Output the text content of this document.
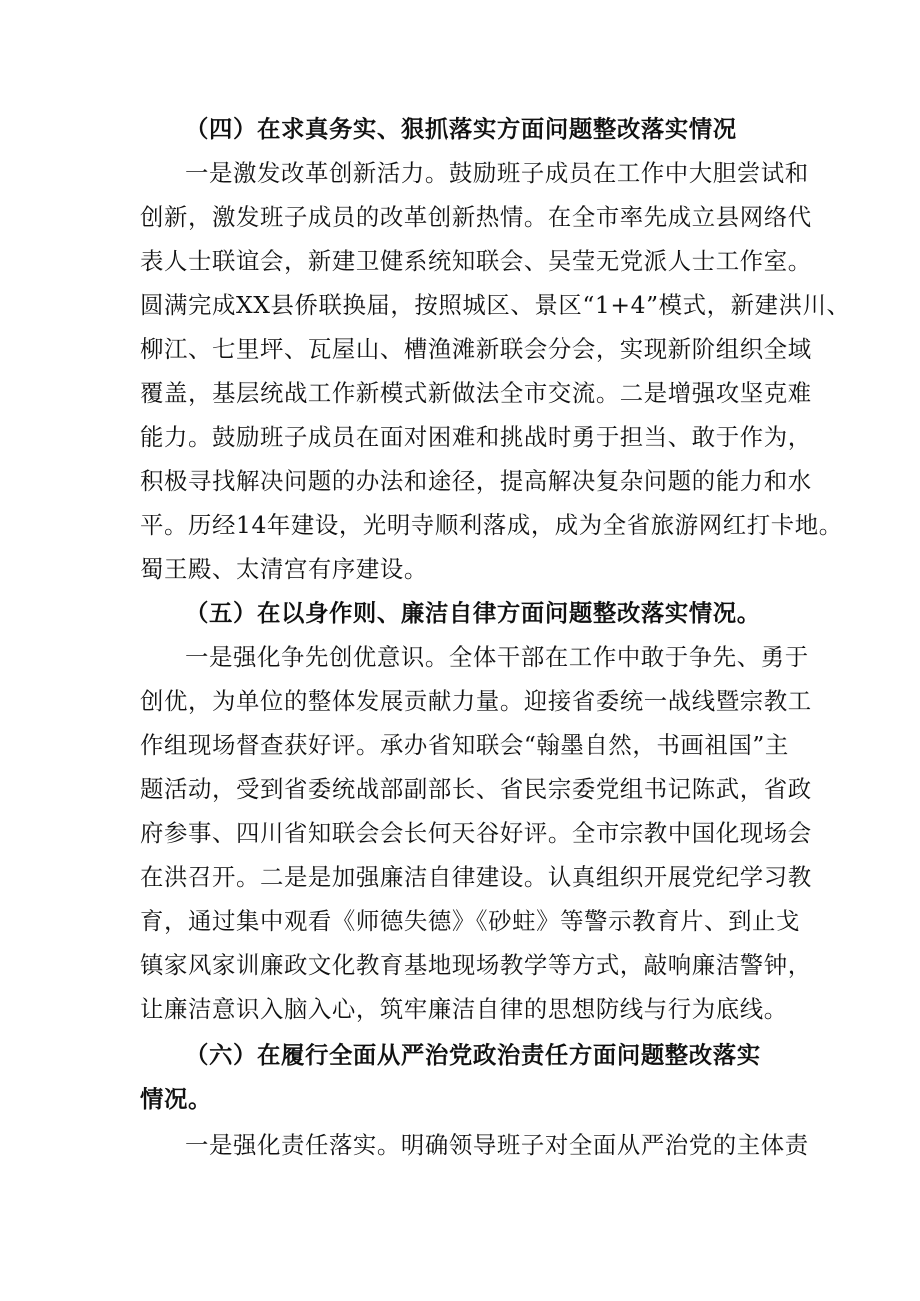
（四）在求真务实、狠抓落实方面问题整改落实情况
一是激发改革创新活力。鼓励班子成员在工作中大胆尝试和
创新，激发班子成员的改革创新热情。在全市率先成立县网络代
表人士联谊会，新建卫健系统知联会、吴莹无党派人士工作室。
圆满完成XX县侨联换届，按照城区、景区“1+4”模式，新建洪川、
柳江、七里坪、瓦屋山、槽渔滩新联会分会，实现新阶组织全域
覆盖，基层统战工作新模式新做法全市交流。二是增强攻坚克难
能力。鼓励班子成员在面对困难和挑战时勇于担当、敢于作为，
积极寻找解决问题的办法和途径，提高解决复杂问题的能力和水
平。历经14年建设，光明寺顺利落成，成为全省旅游网红打卡地。
蜀王殿、太清宫有序建设。
（五）在以身作则、廉洁自律方面问题整改落实情况。
一是强化争先创优意识。全体干部在工作中敢于争先、勇于
创优，为单位的整体发展贡献力量。迎接省委统一战线暨宗教工
作组现场督查获好评。承办省知联会“翰墨自然，书画祖国”主
题活动，受到省委统战部副部长、省民宗委党组书记陈武，省政
府参事、四川省知联会会长何天谷好评。全市宗教中国化现场会
在洪召开。二是是加强廉洁自律建设。认真组织开展党纪学习教
育，通过集中观看《师德失德》《砂蛀》等警示教育片、到止戈
镇家风家训廉政文化教育基地现场教学等方式，敲响廉洁警钟，
让廉洁意识入脑入心，筑牢廉洁自律的思想防线与行为底线。
（六）在履行全面从严治党政治责任方面问题整改落实
情况。
一是强化责任落实。明确领导班子对全面从严治党的主体责
